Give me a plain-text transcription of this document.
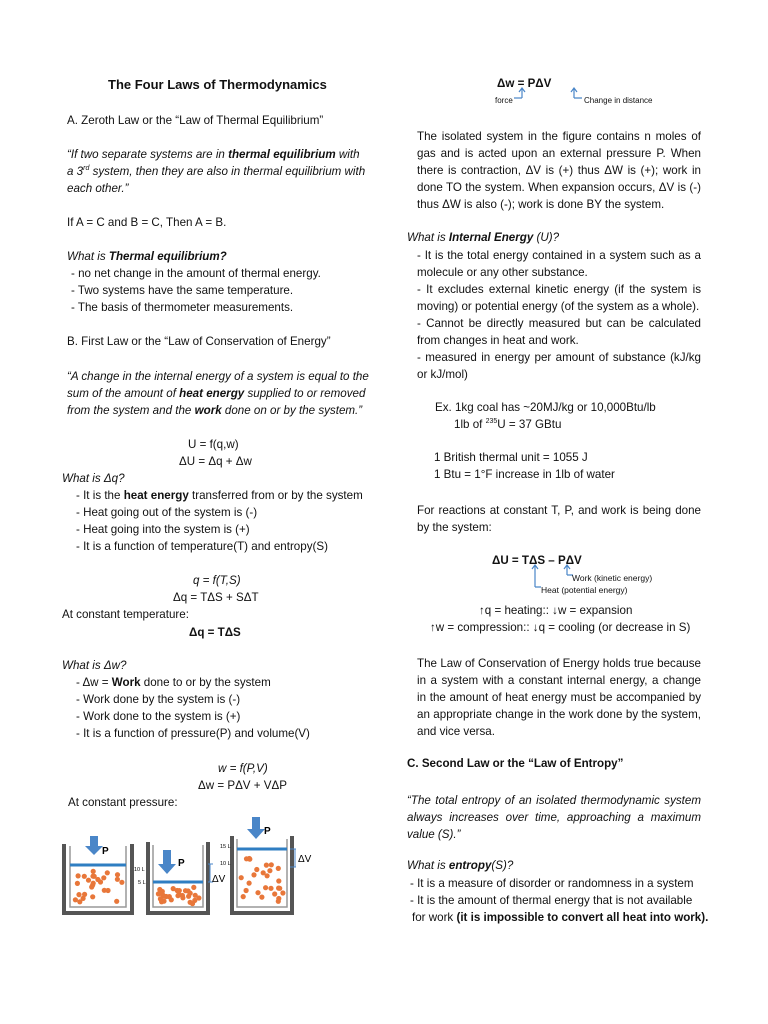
The Four Laws of Thermodynamics
A. Zeroth Law or the “Law of Thermal Equilibrium”
“If two separate systems are in thermal equilibrium with
a 3rd system, then they are also in thermal equilibrium with
each other.”
If A = C and B = C, Then A = B.
What is Thermal equilibrium?
- no net change in the amount of thermal energy.
- Two systems have the same temperature.
- The basis of thermometer measurements.
B. First Law or the “Law of Conservation of Energy”
“A change in the internal energy of a system is equal to the
sum of the amount of heat energy supplied to or removed
from the system and the work done on or by the system.”
U = f(q,w)
ΔU = Δq + Δw
What is Δq?
- It is the heat energy transferred from or by the system
- Heat going out of the system is (-)
- Heat going into the system is (+)
- It is a function of temperature(T) and entropy(S)
q = f(T,S)
Δq = TΔS + SΔT
At constant temperature:
Δq = TΔS
What is Δw?
- Δw = Work done to or by the system
- Work done by the system is (-)
- Work done to the system is (+)
- It is a function of pressure(P) and volume(V)
w = f(P,V)
Δw = PΔV + VΔP
At constant pressure:
P
P
10 L
5 L	ΔV
P
15 L
10 L	ΔV
Δw = PΔV
force	Change in distance
The isolated system in the figure contains n moles of gas and is acted upon an external pressure P. When there is contraction, ΔV is (+) thus ΔW is (+); work in done TO the system. When expansion occurs, ΔV is (-) thus ΔW is also (-); work is done BY the system.
What is Internal Energy (U)?
- It is the total energy contained in a system such as a molecule or any other substance.
- It excludes external kinetic energy (if the system is moving) or potential energy (of the system as a whole).
- Cannot be directly measured but can be calculated from changes in heat and work.
- measured in energy per amount of substance (kJ/kg or kJ/mol)
Ex. 1kg coal has ~20MJ/kg or 10,000Btu/lb
1lb of $^{235}$U = 37 GBtu
1 British thermal unit = 1055 J
1 Btu = 1°F increase in 1lb of water
For reactions at constant T, P, and work is being done by the system:
ΔU = TΔS – PΔV
Work (kinetic energy)
Heat (potential energy)
↑q = heating:: ↓w = expansion
↑w = compression:: ↓q = cooling (or decrease in S)
The Law of Conservation of Energy holds true because in a system with a constant internal energy, a change in the amount of heat energy must be accompanied by an appropriate change in the work done by the system, and vice versa.
C. Second Law or the “Law of Entropy”
“The total entropy of an isolated thermodynamic system always increases over time, approaching a maximum value (S).”
What is entropy(S)?
- It is a measure of disorder or randomness in a system
- It is the amount of thermal energy that is not available
for work (it is impossible to convert all heat into work).
